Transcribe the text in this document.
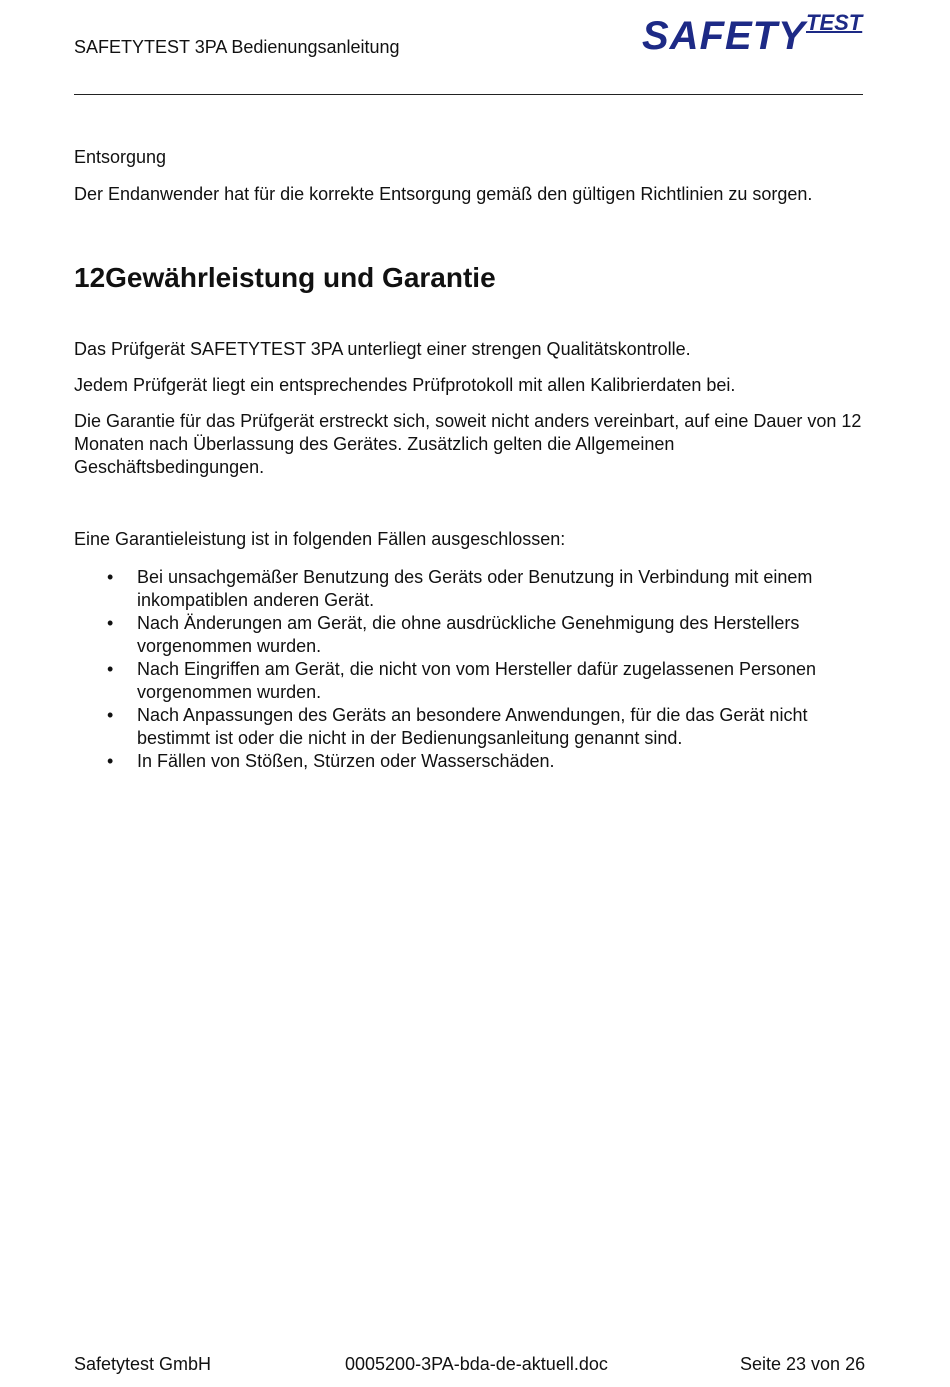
SAFETYTEST 3PA Bedienungsanleitung	SAFETY TEST
Entsorgung
Der Endanwender hat für die korrekte Entsorgung gemäß den gültigen Richtlinien zu sorgen.
12Gewährleistung und Garantie
Das Prüfgerät SAFETYTEST 3PA unterliegt einer strengen Qualitätskontrolle.
Jedem Prüfgerät liegt ein entsprechendes Prüfprotokoll mit allen Kalibrierdaten bei.
Die Garantie für das Prüfgerät erstreckt sich, soweit nicht anders vereinbart, auf eine Dauer von 12 Monaten nach Überlassung des Gerätes. Zusätzlich gelten die Allgemeinen Geschäftsbedingungen.
Eine Garantieleistung ist in folgenden Fällen ausgeschlossen:
• Bei unsachgemäßer Benutzung des Geräts oder Benutzung in Verbindung mit einem inkompatiblen anderen Gerät.
• Nach Änderungen am Gerät, die ohne ausdrückliche Genehmigung des Herstellers vorgenommen wurden.
• Nach Eingriffen am Gerät, die nicht von vom Hersteller dafür zugelassenen Personen vorgenommen wurden.
• Nach Anpassungen des Geräts an besondere Anwendungen, für die das Gerät nicht bestimmt ist oder die nicht in der Bedienungsanleitung genannt sind.
• In Fällen von Stößen, Stürzen oder Wasserschäden.
Safetytest GmbH	0005200-3PA-bda-de-aktuell.doc	Seite 23 von 26
